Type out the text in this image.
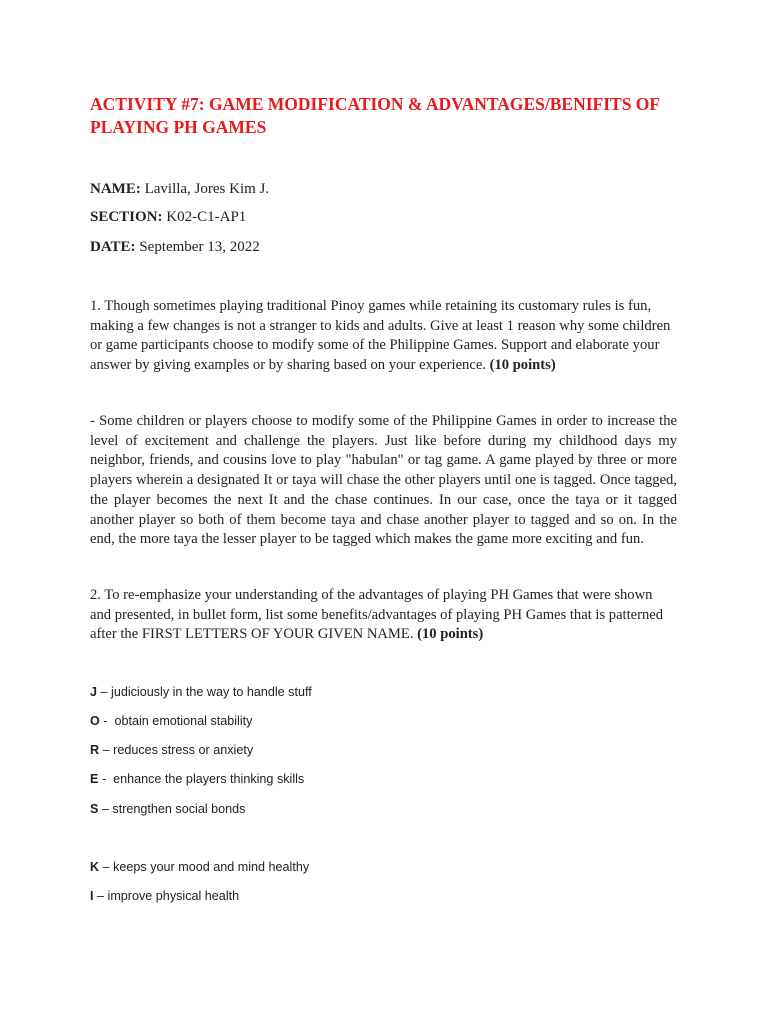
ACTIVITY #7: GAME MODIFICATION & ADVANTAGES/BENIFITS OF PLAYING PH GAMES

NAME: Lavilla, Jores Kim J.

SECTION: K02-C1-AP1

DATE: September 13, 2022

1. Though sometimes playing traditional Pinoy games while retaining its customary rules is fun, making a few changes is not a stranger to kids and adults. Give at least 1 reason why some children or game participants choose to modify some of the Philippine Games. Support and elaborate your answer by giving examples or by sharing based on your experience. (10 points)

- Some children or players choose to modify some of the Philippine Games in order to increase the level of excitement and challenge the players. Just like before during my childhood days my neighbor, friends, and cousins love to play "habulan" or tag game. A game played by three or more players wherein a designated It or taya will chase the other players until one is tagged. Once tagged, the player becomes the next It and the chase continues. In our case, once the taya or it tagged another player so both of them become taya and chase another player to tagged and so on. In the end, the more taya the lesser player to be tagged which makes the game more exciting and fun.

2. To re-emphasize your understanding of the advantages of playing PH Games that were shown and presented, in bullet form, list some benefits/advantages of playing PH Games that is patterned after the FIRST LETTERS OF YOUR GIVEN NAME. (10 points)

J – judiciously in the way to handle stuff

O -  obtain emotional stability

R – reduces stress or anxiety

E -  enhance the players thinking skills

S – strengthen social bonds

K – keeps your mood and mind healthy

I – improve physical health
